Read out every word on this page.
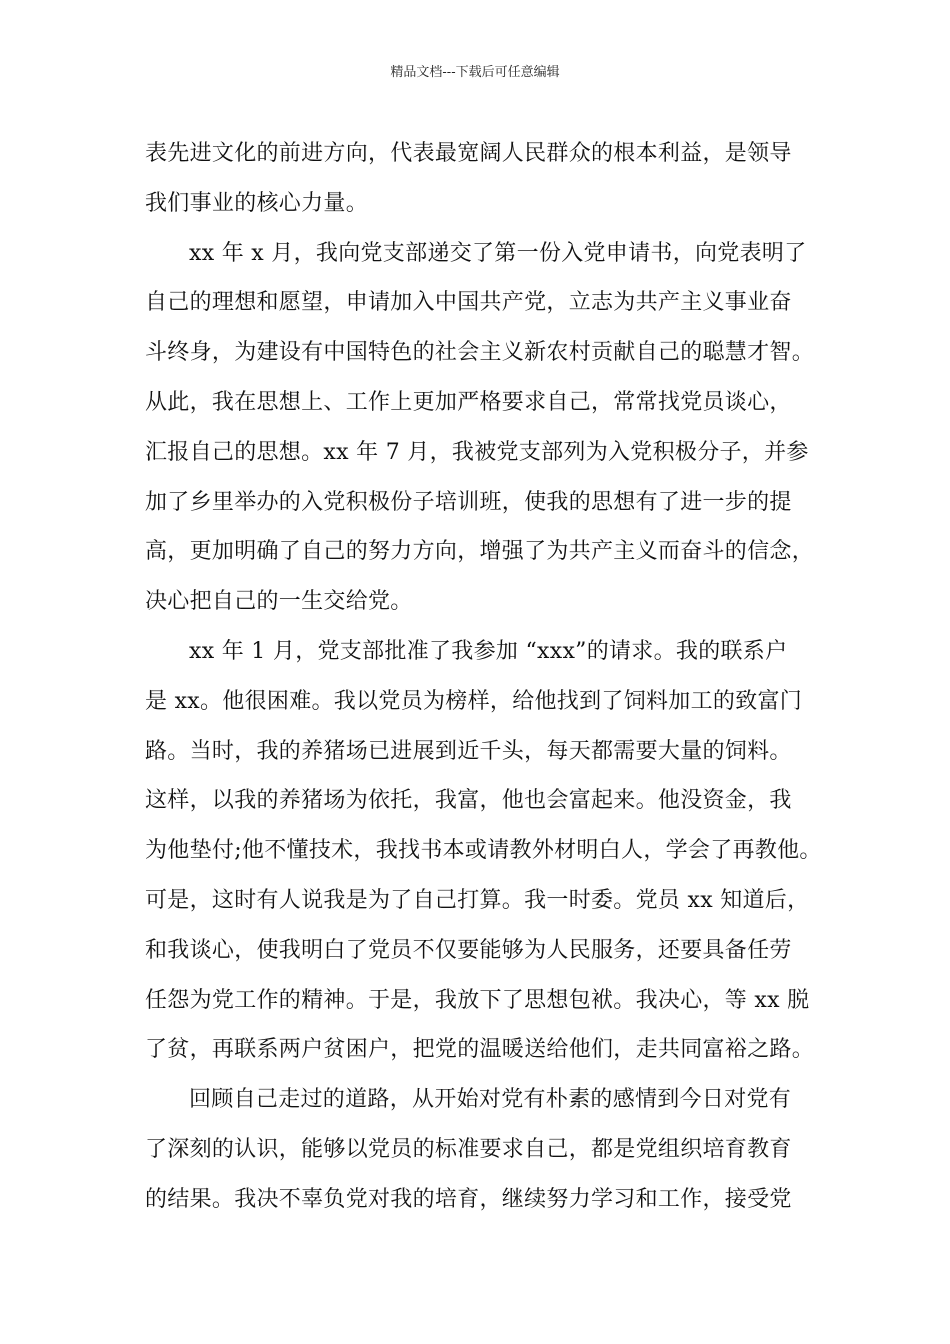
精品文档---下载后可任意编辑
表先进文化的前进方向，代表最宽阔人民群众的根本利益，是领导
我们事业的核心力量。
xx 年 x 月，我向党支部递交了第一份入党申请书，向党表明了
自己的理想和愿望，申请加入中国共产党，立志为共产主义事业奋
斗终身，为建设有中国特色的社会主义新农村贡献自己的聪慧才智。
从此，我在思想上、工作上更加严格要求自己，常常找党员谈心，
汇报自己的思想。xx 年 7 月，我被党支部列为入党积极分子，并参
加了乡里举办的入党积极份子培训班，使我的思想有了进一步的提
高，更加明确了自己的努力方向，增强了为共产主义而奋斗的信念，
决心把自己的一生交给党。
xx 年 1 月，党支部批准了我参加 “xxx”的请求。我的联系户
是 xx。他很困难。我以党员为榜样，给他找到了饲料加工的致富门
路。当时，我的养猪场已进展到近千头，每天都需要大量的饲料。
这样，以我的养猪场为依托，我富，他也会富起来。他没资金，我
为他垫付;他不懂技术，我找书本或请教外材明白人，学会了再教他。
可是，这时有人说我是为了自己打算。我一时委。党员 xx 知道后，
和我谈心，使我明白了党员不仅要能够为人民服务，还要具备任劳
任怨为党工作的精神。于是，我放下了思想包袱。我决心，等 xx 脱
了贫，再联系两户贫困户，把党的温暖送给他们，走共同富裕之路。
回顾自己走过的道路，从开始对党有朴素的感情到今日对党有
了深刻的认识，能够以党员的标准要求自己，都是党组织培育教育
的结果。我决不辜负党对我的培育，继续努力学习和工作，接受党
